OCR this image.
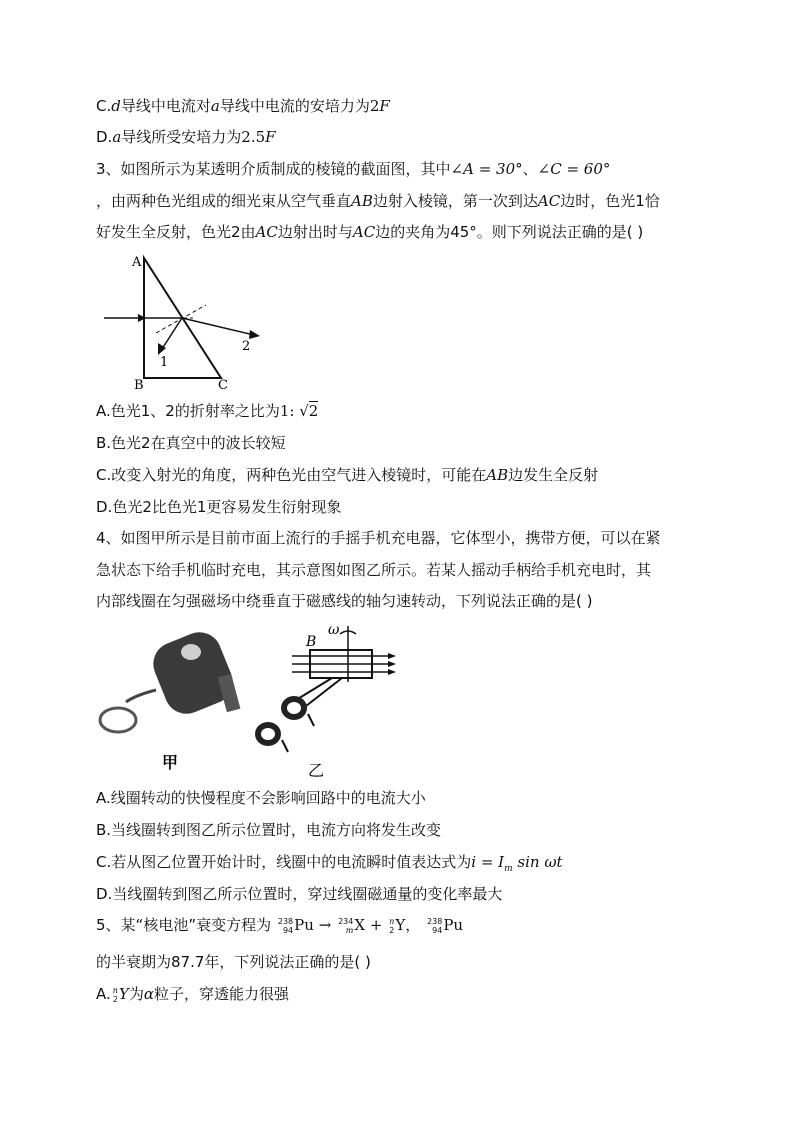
C.d导线中电流对a导线中电流的安培力为2F
D.a导线所受安培力为2.5F
3、如图所示为某透明介质制成的棱镜的截面图，其中∠A = 30°、∠C = 60°
，由两种色光组成的细光束从空气垂直AB边射入棱镜，第一次到达AC边时，色光1恰
好发生全反射，色光2由AC边射出时与AC边的夹角为45°。则下列说法正确的是( )
A
B	C
1
2
A.色光1、2的折射率之比为1: √2
B.色光2在真空中的波长较短
C.改变入射光的角度，两种色光由空气进入棱镜时，可能在AB边发生全反射
D.色光2比色光1更容易发生衍射现象
4、如图甲所示是目前市面上流行的手摇手机充电器，它体型小，携带方便，可以在紧
急状态下给手机临时充电，其示意图如图乙所示。若某人摇动手柄给手机充电时，其
内部线圈在匀强磁场中绕垂直于磁感线的轴匀速转动，下列说法正确的是( )
甲
ω
B
乙
A.线圈转动的快慢程度不会影响回路中的电流大小
B.当线圈转到图乙所示位置时，电流方向将发生改变
C.若从图乙位置开始计时，线圈中的电流瞬时值表达式为$i = I_m$ sin ωt
D.当线圈转到图乙所示位置时，穿过线圈磁通量的变化率最大
5、某“核电池”衰变方程为 238
94 Pu → 234
m X + n
2 Y， 238
94 Pu
的半衰期为87.7年，下列说法正确的是( )
A. n
2 Y为α粒子，穿透能力很强
